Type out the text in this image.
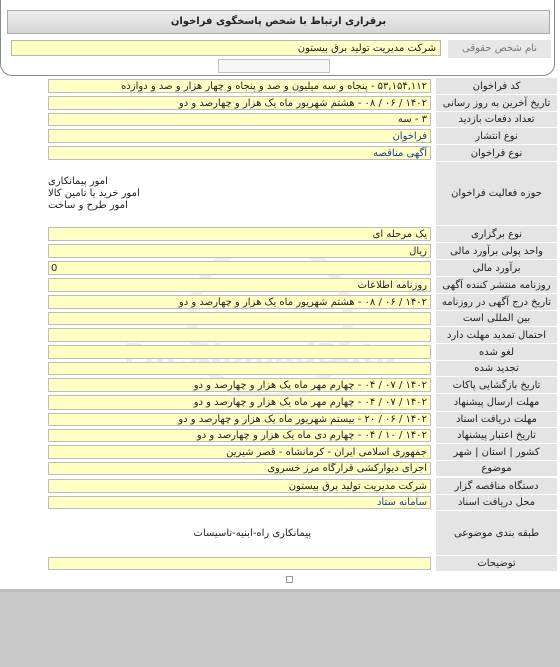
برقراری ارتباط با شخص پاسخگوی فراخوان
نام شخص حقوقی
شرکت مدیریت تولید برق بیستون
کد فراخوان
۵۳,۱۵۴,۱۱۲ - پنجاه و سه میلیون و صد و پنجاه و چهار هزار و صد و دوازده
تاریخ آخرین به روز رسانی
۱۴۰۲ / ۰۶ / ۰۸ - هشتم شهریور ماه یک هزار و چهارصد و دو
تعداد دفعات بازدید
۳ - سه
نوع انتشار
فراخوان
نوع فراخوان
آگهی مناقصه
حوزه فعالیت فراخوان
امور پیمانکاری
امور خرید یا تامین کالا
امور طرح و ساخت
نوع برگزاری
یک مرحله ای
واحد پولی برآورد مالی
ریال
برآورد مالی
0
روزنامه منتشر کننده آگهی
روزنامه اطلاعات
تاریخ درج آگهی در روزنامه
۱۴۰۲ / ۰۶ / ۰۸ - هشتم شهریور ماه یک هزار و چهارصد و دو
بین المللی است
احتمال تمدید مهلت دارد
لغو شده
تجدید شده
تاریخ بازگشایی پاکات
۱۴۰۲ / ۰۷ / ۰۴ - چهارم مهر ماه یک هزار و چهارصد و دو
مهلت ارسال پیشنهاد
۱۴۰۲ / ۰۷ / ۰۴ - چهارم مهر ماه یک هزار و چهارصد و دو
مهلت دریافت اسناد
۱۴۰۲ / ۰۶ / ۲۰ - بیستم شهریور ماه یک هزار و چهارصد و دو
تاریخ اعتبار پیشنهاد
۱۴۰۲ / ۱۰ / ۰۴ - چهارم دی ماه یک هزار و چهارصد و دو
کشور | استان | شهر
جمهوری اسلامی ایران - کرمانشاه - قصر شیرین
موضوع
اجرای دیوارکشی قرارگاه مرز خسروی
دستگاه مناقصه گزار
شرکت مدیریت تولید برق بیستون
محل دریافت اسناد
سامانه ستاد
طبقه بندی موضوعی
پیمانکاری راه-ابنیه-تاسیسات
توضیحات
